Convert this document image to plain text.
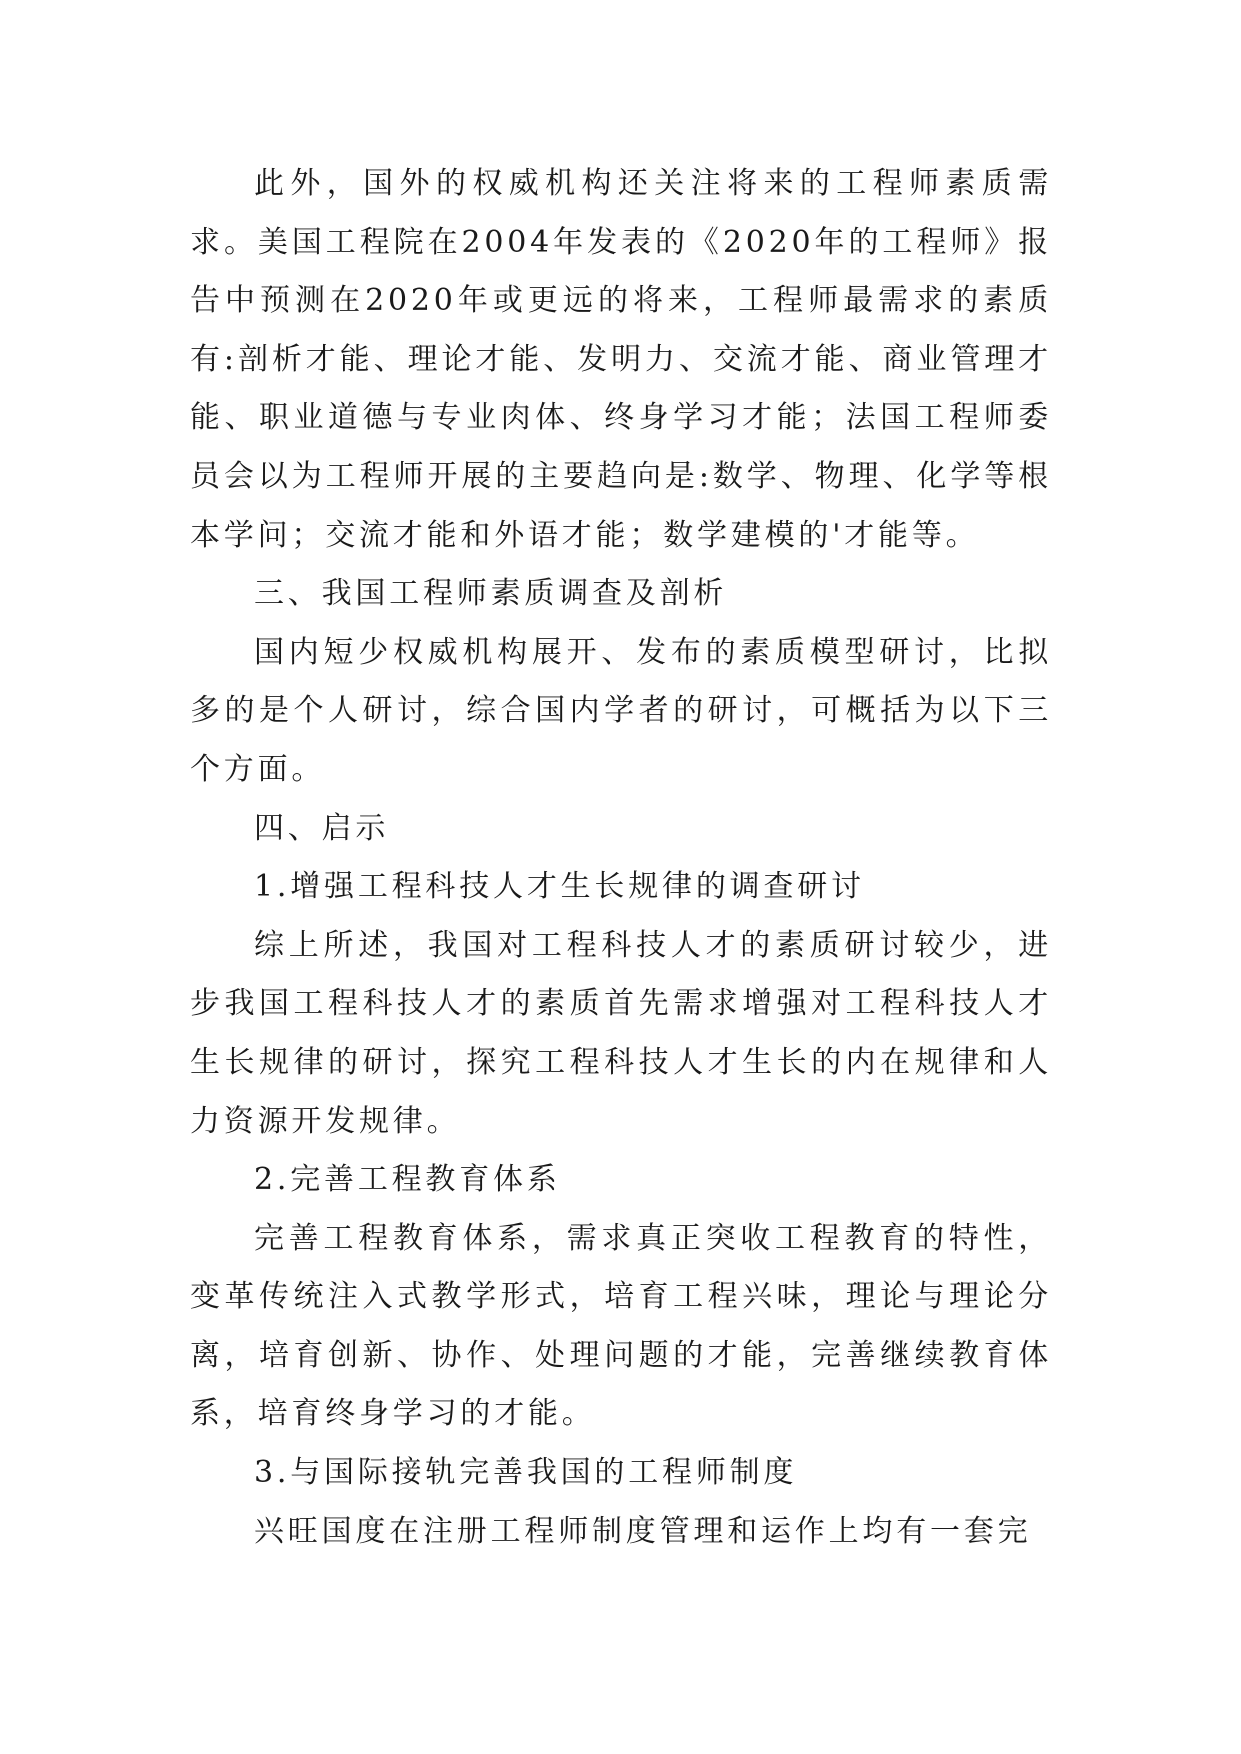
此外，国外的权威机构还关注将来的工程师素质需求。美国工程院在2004年发表的《2020年的工程师》报告中预测在2020年或更远的将来，工程师最需求的素质有:剖析才能、理论才能、发明力、交流才能、商业管理才能、职业道德与专业肉体、终身学习才能；法国工程师委员会以为工程师开展的主要趋向是:数学、物理、化学等根本学问；交流才能和外语才能；数学建模的'才能等。

三、我国工程师素质调查及剖析

国内短少权威机构展开、发布的素质模型研讨，比拟多的是个人研讨，综合国内学者的研讨，可概括为以下三个方面。

四、启示

1.增强工程科技人才生长规律的调查研讨

综上所述，我国对工程科技人才的素质研讨较少，进步我国工程科技人才的素质首先需求增强对工程科技人才生长规律的研讨，探究工程科技人才生长的内在规律和人力资源开发规律。

2.完善工程教育体系

完善工程教育体系，需求真正突收工程教育的特性，变革传统注入式教学形式，培育工程兴味，理论与理论分离，培育创新、协作、处理问题的才能，完善继续教育体系，培育终身学习的才能。

3.与国际接轨完善我国的工程师制度

兴旺国度在注册工程师制度管理和运作上均有一套完
